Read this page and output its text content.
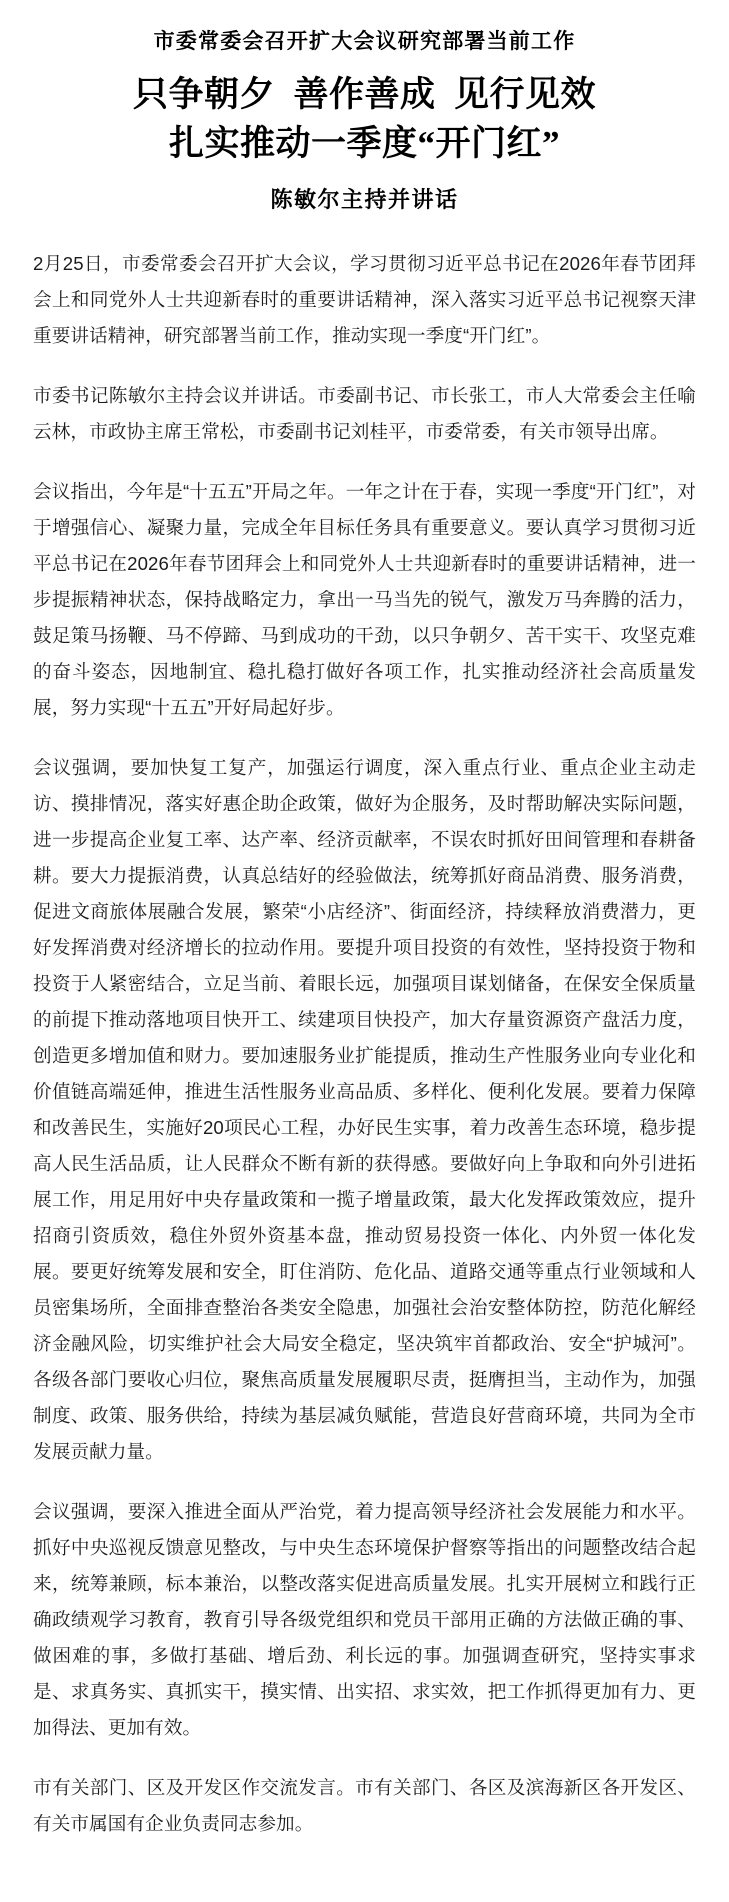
市委常委会召开扩大会议研究部署当前工作
只争朝夕  善作善成  见行见效
扎实推动一季度“开门红”
陈敏尔主持并讲话

2月25日，市委常委会召开扩大会议，学习贯彻习近平总书记在2026年春节团拜会上和同党外人士共迎新春时的重要讲话精神，深入落实习近平总书记视察天津重要讲话精神，研究部署当前工作，推动实现一季度“开门红”。

市委书记陈敏尔主持会议并讲话。市委副书记、市长张工，市人大常委会主任喻云林，市政协主席王常松，市委副书记刘桂平，市委常委，有关市领导出席。

会议指出，今年是“十五五”开局之年。一年之计在于春，实现一季度“开门红”，对于增强信心、凝聚力量，完成全年目标任务具有重要意义。要认真学习贯彻习近平总书记在2026年春节团拜会上和同党外人士共迎新春时的重要讲话精神，进一步提振精神状态，保持战略定力，拿出一马当先的锐气，激发万马奔腾的活力，鼓足策马扬鞭、马不停蹄、马到成功的干劲，以只争朝夕、苦干实干、攻坚克难的奋斗姿态，因地制宜、稳扎稳打做好各项工作，扎实推动经济社会高质量发展，努力实现“十五五”开好局起好步。

会议强调，要加快复工复产，加强运行调度，深入重点行业、重点企业主动走访、摸排情况，落实好惠企助企政策，做好为企服务，及时帮助解决实际问题，进一步提高企业复工率、达产率、经济贡献率，不误农时抓好田间管理和春耕备耕。要大力提振消费，认真总结好的经验做法，统筹抓好商品消费、服务消费，促进文商旅体展融合发展，繁荣“小店经济”、街面经济，持续释放消费潜力，更好发挥消费对经济增长的拉动作用。要提升项目投资的有效性，坚持投资于物和投资于人紧密结合，立足当前、着眼长远，加强项目谋划储备，在保安全保质量的前提下推动落地项目快开工、续建项目快投产，加大存量资源资产盘活力度，创造更多增加值和财力。要加速服务业扩能提质，推动生产性服务业向专业化和价值链高端延伸，推进生活性服务业高品质、多样化、便利化发展。要着力保障和改善民生，实施好20项民心工程，办好民生实事，着力改善生态环境，稳步提高人民生活品质，让人民群众不断有新的获得感。要做好向上争取和向外引进拓展工作，用足用好中央存量政策和一揽子增量政策，最大化发挥政策效应，提升招商引资质效，稳住外贸外资基本盘，推动贸易投资一体化、内外贸一体化发展。要更好统筹发展和安全，盯住消防、危化品、道路交通等重点行业领域和人员密集场所，全面排查整治各类安全隐患，加强社会治安整体防控，防范化解经济金融风险，切实维护社会大局安全稳定，坚决筑牢首都政治、安全“护城河”。各级各部门要收心归位，聚焦高质量发展履职尽责，挺膺担当，主动作为，加强制度、政策、服务供给，持续为基层减负赋能，营造良好营商环境，共同为全市发展贡献力量。

会议强调，要深入推进全面从严治党，着力提高领导经济社会发展能力和水平。抓好中央巡视反馈意见整改，与中央生态环境保护督察等指出的问题整改结合起来，统筹兼顾，标本兼治，以整改落实促进高质量发展。扎实开展树立和践行正确政绩观学习教育，教育引导各级党组织和党员干部用正确的方法做正确的事、做困难的事，多做打基础、增后劲、利长远的事。加强调查研究，坚持实事求是、求真务实、真抓实干，摸实情、出实招、求实效，把工作抓得更加有力、更加得法、更加有效。

市有关部门、区及开发区作交流发言。市有关部门、各区及滨海新区各开发区、有关市属国有企业负责同志参加。
